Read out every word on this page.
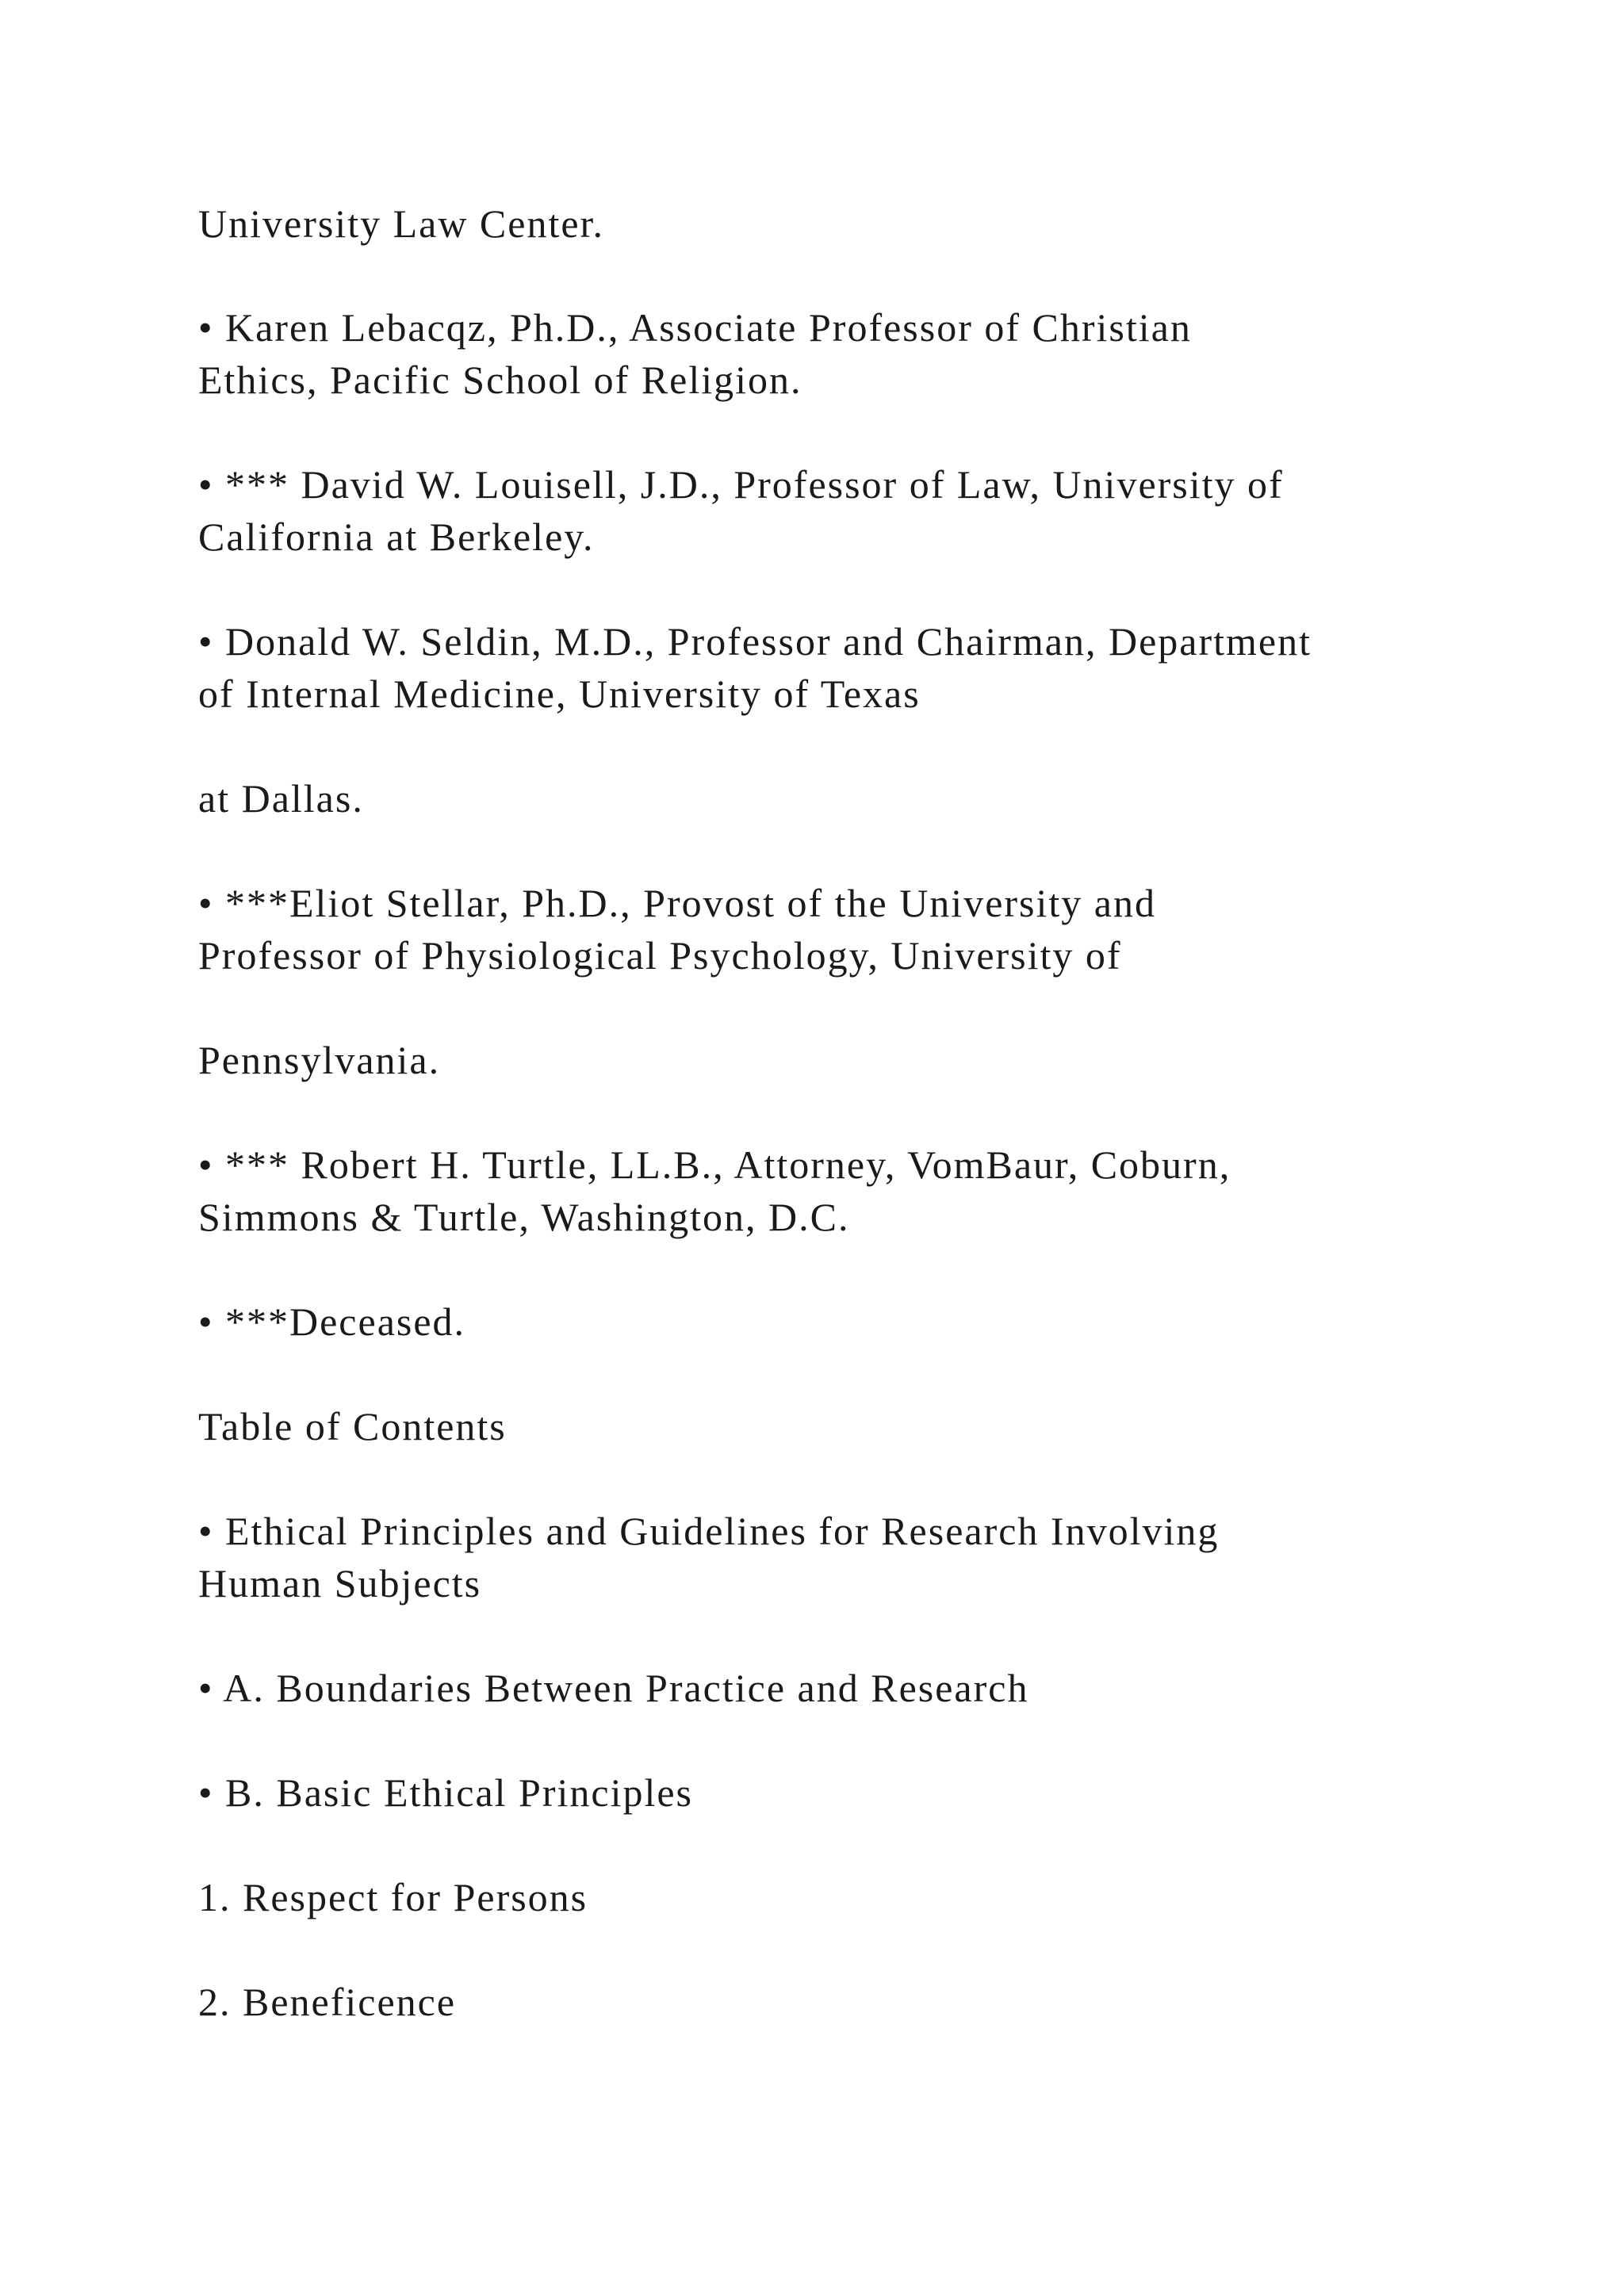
University Law Center.

• Karen Lebacqz, Ph.D., Associate Professor of Christian

Ethics, Pacific School of Religion.

• *** David W. Louisell, J.D., Professor of Law, University of

California at Berkeley.

• Donald W. Seldin, M.D., Professor and Chairman, Department

of Internal Medicine, University of Texas

at Dallas.

• ***Eliot Stellar, Ph.D., Provost of the University and

Professor of Physiological Psychology, University of

Pennsylvania.

• *** Robert H. Turtle, LL.B., Attorney, VomBaur, Coburn,

Simmons & Turtle, Washington, D.C.

• ***Deceased.

Table of Contents

• Ethical Principles and Guidelines for Research Involving

Human Subjects

• A. Boundaries Between Practice and Research

• B. Basic Ethical Principles

1. Respect for Persons

2. Beneficence
